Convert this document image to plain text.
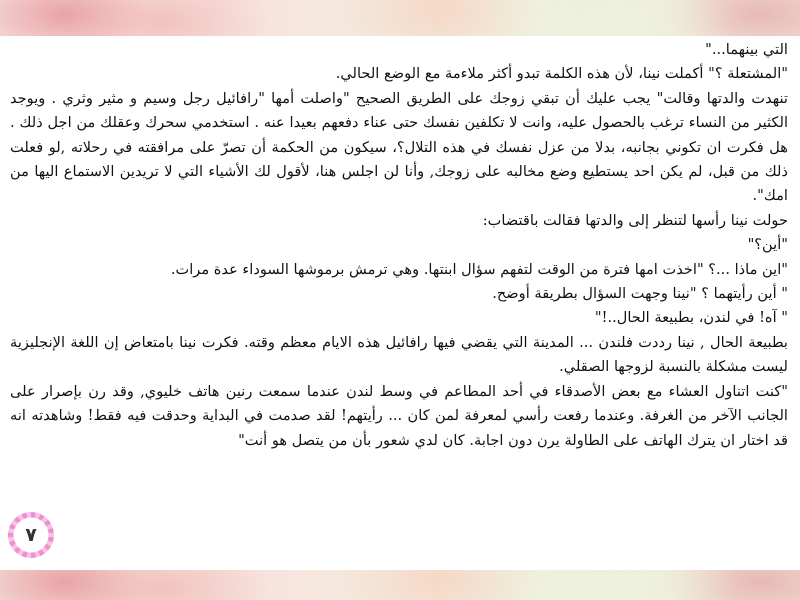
التي بينهما..."

"المشتعلة ؟" أكملت نينا، لأن هذه الكلمة تبدو أكثر ملاءمة مع الوضع الحالي.

تنهدت والدتها وقالت" يجب عليك أن تبقي زوجك على الطريق الصحيح "واصلت أمها "رافائيل رجل وسيم و مثير وثري . ويوجد الكثير من النساء ترغب بالحصول عليه، وانت لا تكلفين نفسك حتى عناء دفعهم بعيدا عنه . استخدمي سحرك وعقلك من اجل ذلك . هل فكرت ان تكوني بجانبه، بدلا من عزل نفسك في هذه التلال؟، سيكون من الحكمة أن تصرّ على مرافقته في رحلاته ,لو فعلت ذلك من قبل، لم يكن احد يستطيع وضع مخالبه على زوجك, وأنا لن اجلس هنا، لأقول لك الأشياء التي لا تريدين الاستماع اليها من امك".

حولت نينا رأسها لتنظر إلى والدتها فقالت باقتضاب:

"أين؟"

"اين ماذا ...؟ "اخذت امها فترة من الوقت لتفهم سؤال ابنتها. وهي ترمش برموشها السوداء عدة مرات.

" أين رأيتهما ؟ "نينا وجهت السؤال بطريقة أوضح.

" آه! في لندن، بطبيعة الحال..!"

بطبيعة الحال , نينا رددت فلندن ... المدينة التي يقضي فيها رافائيل هذه الايام معظم وقته. فكرت نينا بامتعاض إن اللغة الإنجليزية ليست مشكلة بالنسبة لزوجها الصقلي.

"كنت اتناول العشاء مع بعض الأصدقاء في أحد المطاعم في وسط لندن عندما سمعت رنين هاتف خليوي, وقد رن بإصرار على الجانب الآخر من الغرفة. وعندما رفعت رأسي لمعرفة لمن كان ... رأيتهم! لقد صدمت في البداية وحدقت فيه فقط! وشاهدته انه قد اختار ان يترك الهاتف على الطاولة يرن دون اجابة. كان لدي شعور بأن من يتصل هو أنت"

٧
